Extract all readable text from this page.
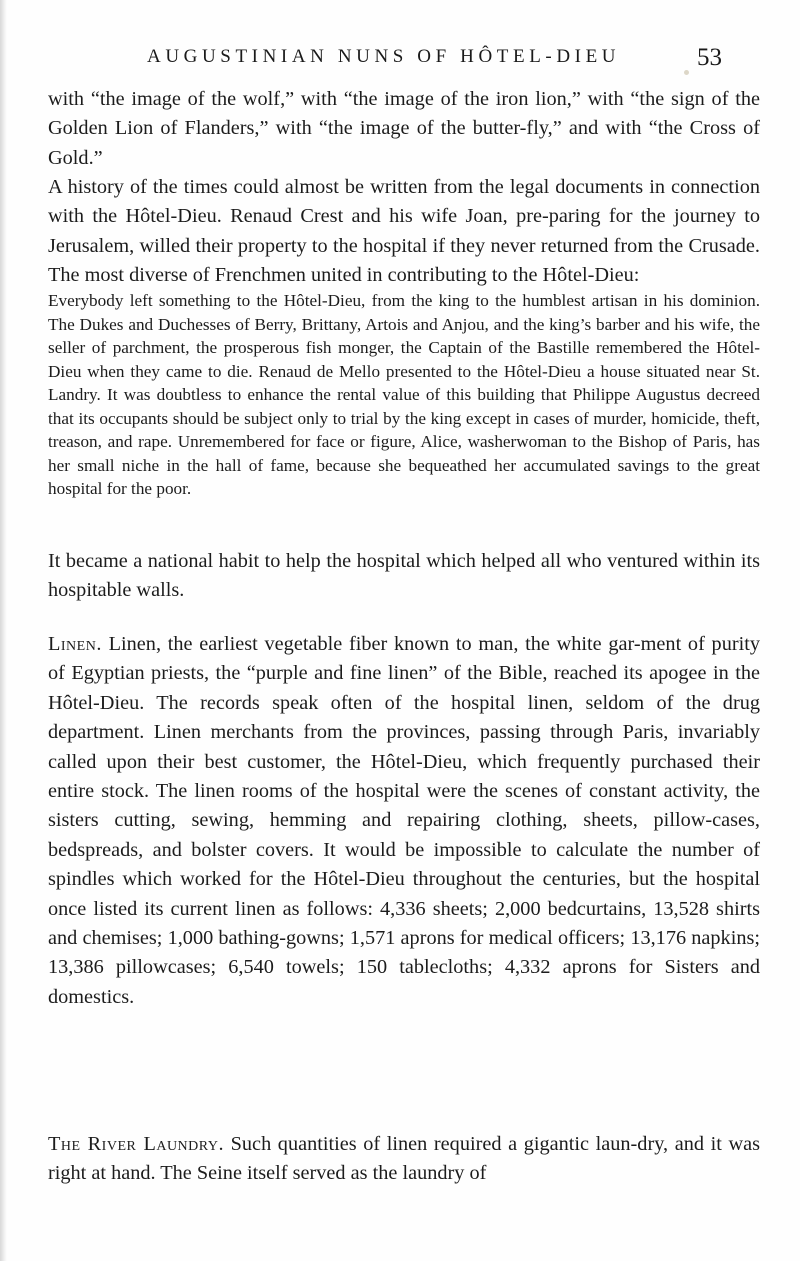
AUGUSTINIAN NUNS OF HÔTEL-DIEU	53

with “the image of the wolf,” with “the image of the iron lion,” with “the sign of the Golden Lion of Flanders,” with “the image of the butter-fly,” and with “the Cross of Gold.”

A history of the times could almost be written from the legal documents in connection with the Hôtel-Dieu. Renaud Crest and his wife Joan, pre-paring for the journey to Jerusalem, willed their property to the hospital if they never returned from the Crusade. The most diverse of Frenchmen united in contributing to the Hôtel-Dieu:

Everybody left something to the Hôtel-Dieu, from the king to the humblest artisan in his dominion. The Dukes and Duchesses of Berry, Brittany, Artois and Anjou, and the king’s barber and his wife, the seller of parchment, the prosperous fish monger, the Captain of the Bastille remembered the Hôtel-Dieu when they came to die. Renaud de Mello presented to the Hôtel-Dieu a house situated near St. Landry. It was doubtless to enhance the rental value of this building that Philippe Augustus decreed that its occupants should be subject only to trial by the king except in cases of murder, homicide, theft, treason, and rape. Unremembered for face or figure, Alice, washerwoman to the Bishop of Paris, has her small niche in the hall of fame, because she bequeathed her accumulated savings to the great hospital for the poor.

It became a national habit to help the hospital which helped all who ventured within its hospitable walls.

Linen. Linen, the earliest vegetable fiber known to man, the white gar-ment of purity of Egyptian priests, the “purple and fine linen” of the Bible, reached its apogee in the Hôtel-Dieu. The records speak often of the hospital linen, seldom of the drug department. Linen merchants from the provinces, passing through Paris, invariably called upon their best customer, the Hôtel-Dieu, which frequently purchased their entire stock. The linen rooms of the hospital were the scenes of constant activity, the sisters cutting, sewing, hemming and repairing clothing, sheets, pillow-cases, bedspreads, and bolster covers. It would be impossible to calculate the number of spindles which worked for the Hôtel-Dieu throughout the centuries, but the hospital once listed its current linen as follows: 4,336 sheets; 2,000 bedcurtains, 13,528 shirts and chemises; 1,000 bathing-gowns; 1,571 aprons for medical officers; 13,176 napkins; 13,386 pillowcases; 6,540 towels; 150 tablecloths; 4,332 aprons for Sisters and domestics.

The River Laundry. Such quantities of linen required a gigantic laun-dry, and it was right at hand. The Seine itself served as the laundry of
